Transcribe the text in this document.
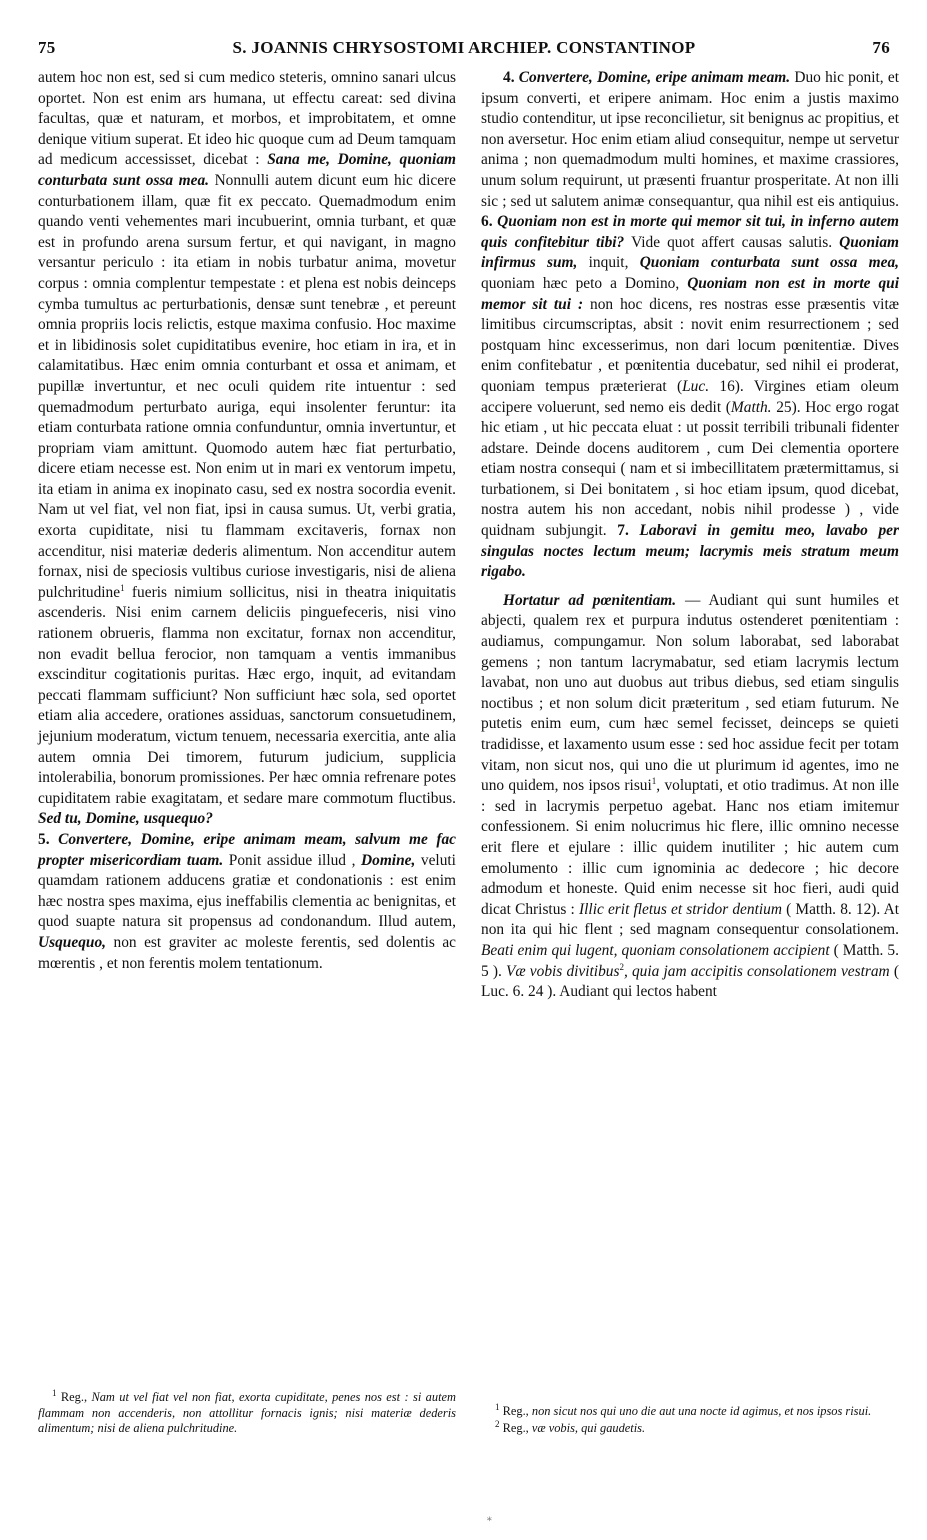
75	S. JOANNIS CHRYSOSTOMI ARCHIEP. CONSTANTINOP	76

autem hoc non est, sed si cum medico steteris, omnino sanari ulcus oportet. Non est enim ars humana, ut effectu careat: sed divina facultas, quæ et naturam, et morbos, et improbitatem, et omne denique vitium superat. Et ideo hic quoque cum ad Deum tamquam ad medicum accessisset, dicebat : Sana me, Domine, quoniam conturbata sunt ossa mea. Nonnulli autem dicunt eum hic dicere conturbationem illam, quæ fit ex peccato. Quemadmodum enim quando venti vehementes mari incubuerint, omnia turbant, et quæ est in profundo arena sursum fertur, et qui navigant, in magno versantur periculo : ita etiam in nobis turbatur anima, movetur corpus : omnia complentur tempestate : et plena est nobis deinceps cymba tumultus ac perturbationis, densæ sunt tenebræ , et pereunt omnia propriis locis relictis, estque maxima confusio. Hoc maxime et in libidinosis solet cupiditatibus evenire, hoc etiam in ira, et in calamitatibus. Hæc enim omnia conturbant et ossa et animam, et pupillæ invertuntur, et nec oculi quidem rite intuentur : sed quemadmodum perturbato auriga, equi insolenter feruntur: ita etiam conturbata ratione omnia confunduntur, omnia invertuntur, et propriam viam amittunt. Quomodo autem hæc fiat perturbatio, dicere etiam necesse est. Non enim ut in mari ex ventorum impetu, ita etiam in anima ex inopinato casu, sed ex nostra socordia evenit. Nam ut vel fiat, vel non fiat, ipsi in causa sumus. Ut, verbi gratia, exorta cupiditate, nisi tu flammam excitaveris, fornax non accenditur, nisi materiæ dederis alimentum. Non accenditur autem fornax, nisi de speciosis vultibus curiose investigaris, nisi de aliena pulchritudine$^1$ fueris nimium sollicitus, nisi in theatra iniquitatis ascenderis. Nisi enim carnem deliciis pinguefeceris, nisi vino rationem obrueris, flamma non excitatur, fornax non accenditur, non evadit bellua ferocior, non tamquam a ventis immanibus exscinditur cogitationis puritas. Hæc ergo, inquit, ad evitandam peccati flammam sufficiunt? Non sufficiunt hæc sola, sed oportet etiam alia accedere, orationes assiduas, sanctorum consuetudinem, jejunium moderatum, victum tenuem, necessaria exercitia, ante alia autem omnia Dei timorem, futurum judicium, supplicia intolerabilia, bonorum promissiones. Per hæc omnia refrenare potes cupiditatem rabie exagitatam, et sedare mare commotum fluctibus. Sed tu, Domine, usquequo?

5. Convertere, Domine, eripe animam meam, salvum me fac propter misericordiam tuam. Ponit assidue illud , Domine, veluti quamdam rationem adducens gratiæ et condonationis : est enim hæc nostra spes maxima, ejus ineffabilis clementia ac benignitas, et quod suapte natura sit propensus ad condonandum. Illud autem, Usquequo, non est graviter ac moleste ferentis, sed dolentis ac mœrentis , et non ferentis molem tentationum.

4. Convertere, Domine, eripe animam meam. Duo hic ponit, et ipsum converti, et eripere animam. Hoc enim a justis maximo studio contenditur, ut ipse reconcilietur, sit benignus ac propitius, et non aversetur. Hoc enim etiam aliud consequitur, nempe ut servetur anima ; non quemadmodum multi homines, et maxime crassiores, unum solum requirunt, ut præsenti fruantur prosperitate. At non illi sic ; sed ut salutem animæ consequantur, qua nihil est eis antiquius. 6. Quoniam non est in morte qui memor sit tui, in inferno autem quis confitebitur tibi? Vide quot affert causas salutis. Quoniam infirmus sum, inquit, Quoniam conturbata sunt ossa mea, quoniam hæc peto a Domino, Quoniam non est in morte qui memor sit tui : non hoc dicens, res nostras esse præsentis vitæ limitibus circumscriptas, absit : novit enim resurrectionem ; sed postquam hinc excesserimus, non dari locum pœnitentiæ. Dives enim confitebatur , et pœnitentia ducebatur, sed nihil ei proderat, quoniam tempus præterierat (Luc. 16). Virgines etiam oleum accipere voluerunt, sed nemo eis dedit (Matth. 25). Hoc ergo rogat hic etiam , ut hic peccata eluat : ut possit terribili tribunali fidenter adstare. Deinde docens auditorem , cum Dei clementia oportere etiam nostra consequi ( nam et si imbecillitatem prætermittamus, si turbationem, si Dei bonitatem , si hoc etiam ipsum, quod dicebat, nostra autem his non accedant, nobis nihil prodesse ) , vide quidnam subjungit. 7. Laboravi in gemitu meo, lavabo per singulas noctes lectum meum; lacrymis meis stratum meum rigabo.

Hortatur ad pœnitentiam. — Audiant qui sunt humiles et abjecti, qualem rex et purpura indutus ostenderet pœnitentiam : audiamus, compungamur. Non solum laborabat, sed laborabat gemens ; non tantum lacrymabatur, sed etiam lacrymis lectum lavabat, non uno aut duobus aut tribus diebus, sed etiam singulis noctibus ; et non solum dicit præteritum , sed etiam futurum. Ne putetis enim eum, cum hæc semel fecisset, deinceps se quieti tradidisse, et laxamento usum esse : sed hoc assidue fecit per totam vitam, non sicut nos, qui uno die ut plurimum id agentes, imo ne uno quidem, nos ipsos risui$^1$, voluptati, et otio tradimus. At non ille : sed in lacrymis perpetuo agebat. Hanc nos etiam imitemur confessionem. Si enim nolucrimus hic flere, illic omnino necesse erit flere et ejulare : illic quidem inutiliter ; hic autem cum emolumento : illic cum ignominia ac dedecore ; hic decore admodum et honeste. Quid enim necesse sit hoc fieri, audi quid dicat Christus : Illic erit fletus et stridor dentium ( Matth. 8. 12). At non ita qui hic flent ; sed magnam consequentur consolationem. Beati enim qui lugent, quoniam consolationem accipient ( Matth. 5. 5 ). Væ vobis divitibus$^2$, quia jam accipitis consolationem vestram ( Luc. 6. 24 ). Audiant qui lectos habent

$^1$ Reg., Nam ut vel fiat vel non fiat, exorta cupiditate, penes nos est : si autem flammam non accenderis, non attollitur fornacis ignis; nisi materiæ dederis alimentum; nisi de aliena pulchritudine.

$^1$ Reg., non sicut nos qui uno die aut una nocte id agimus, et nos ipsos risui.

$^2$ Reg., væ vobis, qui gaudetis.

∗
